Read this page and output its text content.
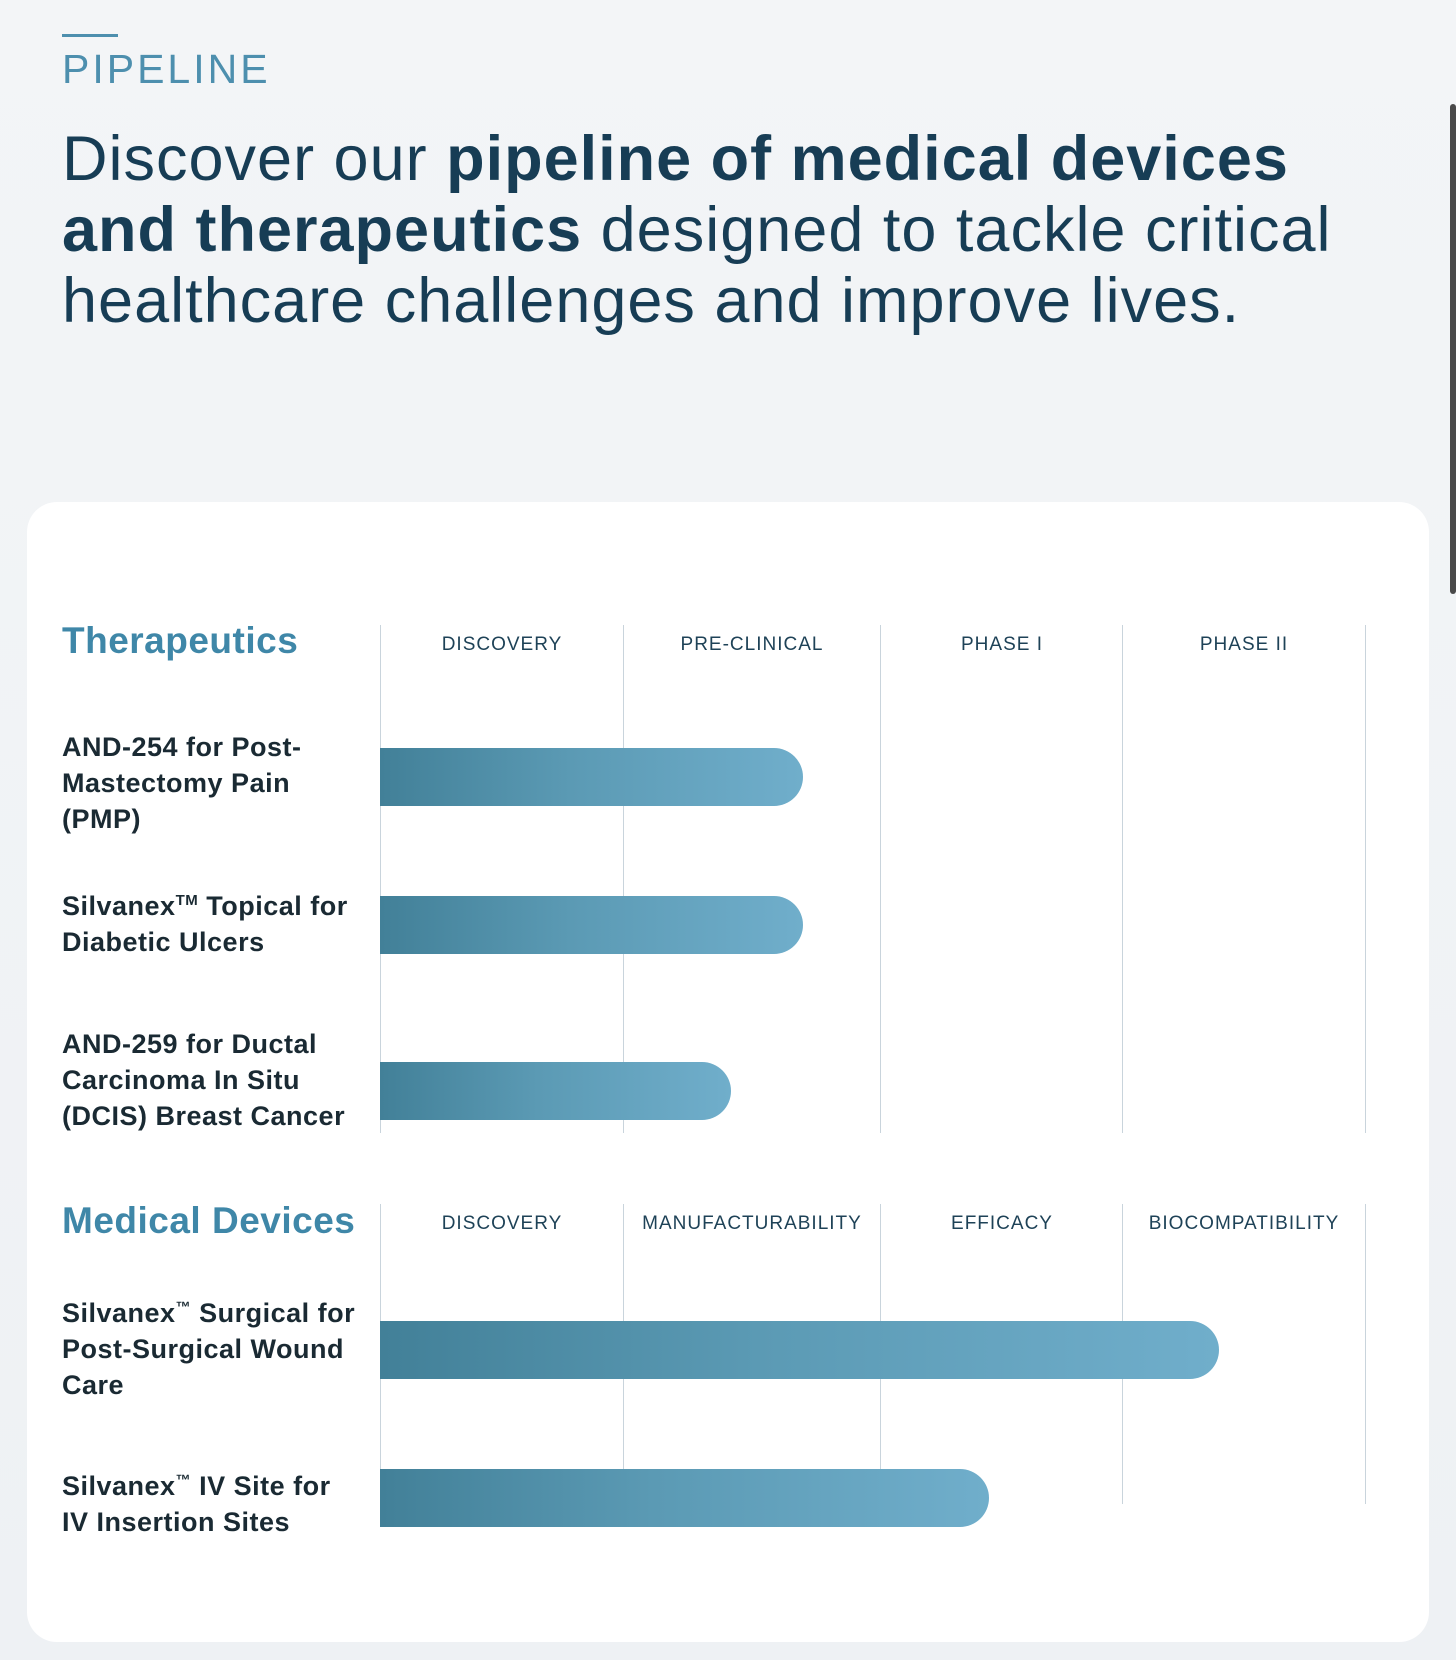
PIPELINE
Discover our pipeline of medical devices and therapeutics designed to tackle critical healthcare challenges and improve lives.
Therapeutics	DISCOVERY	PRE-CLINICAL	PHASE I	PHASE II

AND-254 for Post-Mastectomy Pain (PMP)

Silvanex™ Topical for Diabetic Ulcers

AND-259 for Ductal Carcinoma In Situ (DCIS) Breast Cancer

Medical Devices	DISCOVERY	MANUFACTURABILITY	EFFICACY	BIOCOMPATIBILITY

Silvanex™ Surgical for Post-Surgical Wound Care

Silvanex™ IV Site for IV Insertion Sites
